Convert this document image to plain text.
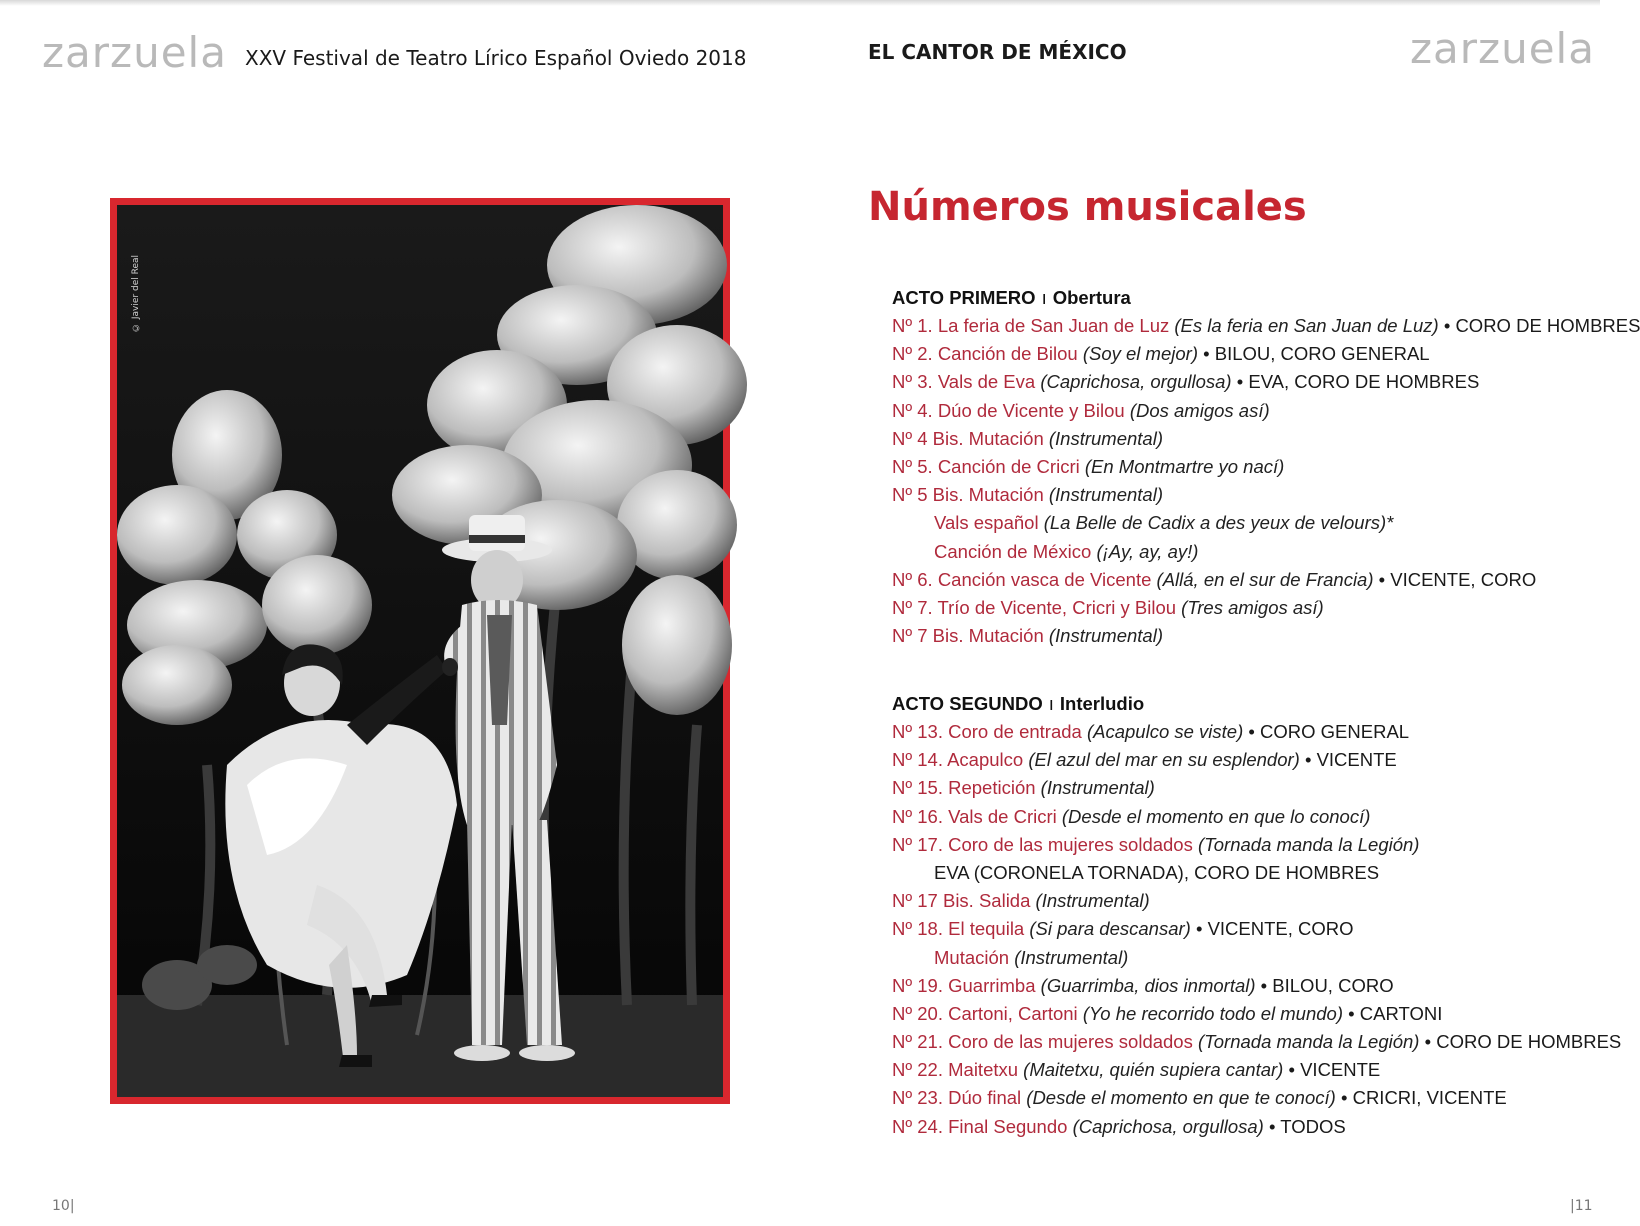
zarzuela XXV Festival de Teatro Lírico Español Oviedo 2018	EL CANTOR DE MÉXICO	zarzuela
© Javier del Real
Números musicales
ACTO PRIMERO ı Obertura
Nº 1. La feria de San Juan de Luz (Es la feria en San Juan de Luz) • CORO DE HOMBRES
Nº 2. Canción de Bilou (Soy el mejor) • BILOU, CORO GENERAL
Nº 3. Vals de Eva (Caprichosa, orgullosa) • EVA, CORO DE HOMBRES
Nº 4. Dúo de Vicente y Bilou (Dos amigos así)
Nº 4 Bis. Mutación (Instrumental)
Nº 5. Canción de Cricri (En Montmartre yo nací)
Nº 5 Bis. Mutación (Instrumental)
Vals español (La Belle de Cadix a des yeux de velours)*
Canción de México (¡Ay, ay, ay!)
Nº 6. Canción vasca de Vicente (Allá, en el sur de Francia) • VICENTE, CORO
Nº 7. Trío de Vicente, Cricri y Bilou (Tres amigos así)
Nº 7 Bis. Mutación (Instrumental)
ACTO SEGUNDO ı Interludio
Nº 13. Coro de entrada (Acapulco se viste) • CORO GENERAL
Nº 14. Acapulco (El azul del mar en su esplendor) • VICENTE
Nº 15. Repetición (Instrumental)
Nº 16. Vals de Cricri (Desde el momento en que lo conocí)
Nº 17. Coro de las mujeres soldados (Tornada manda la Legión)
EVA (CORONELA TORNADA), CORO DE HOMBRES
Nº 17 Bis. Salida (Instrumental)
Nº 18. El tequila (Si para descansar) • VICENTE, CORO
Mutación (Instrumental)
Nº 19. Guarrimba (Guarrimba, dios inmortal) • BILOU, CORO
Nº 20. Cartoni, Cartoni (Yo he recorrido todo el mundo) • CARTONI
Nº 21. Coro de las mujeres soldados (Tornada manda la Legión) • CORO DE HOMBRES
Nº 22. Maitetxu (Maitetxu, quién supiera cantar) • VICENTE
Nº 23. Dúo final (Desde el momento en que te conocí) • CRICRI, VICENTE
Nº 24. Final Segundo (Caprichosa, orgullosa) • TODOS
10|	|11
